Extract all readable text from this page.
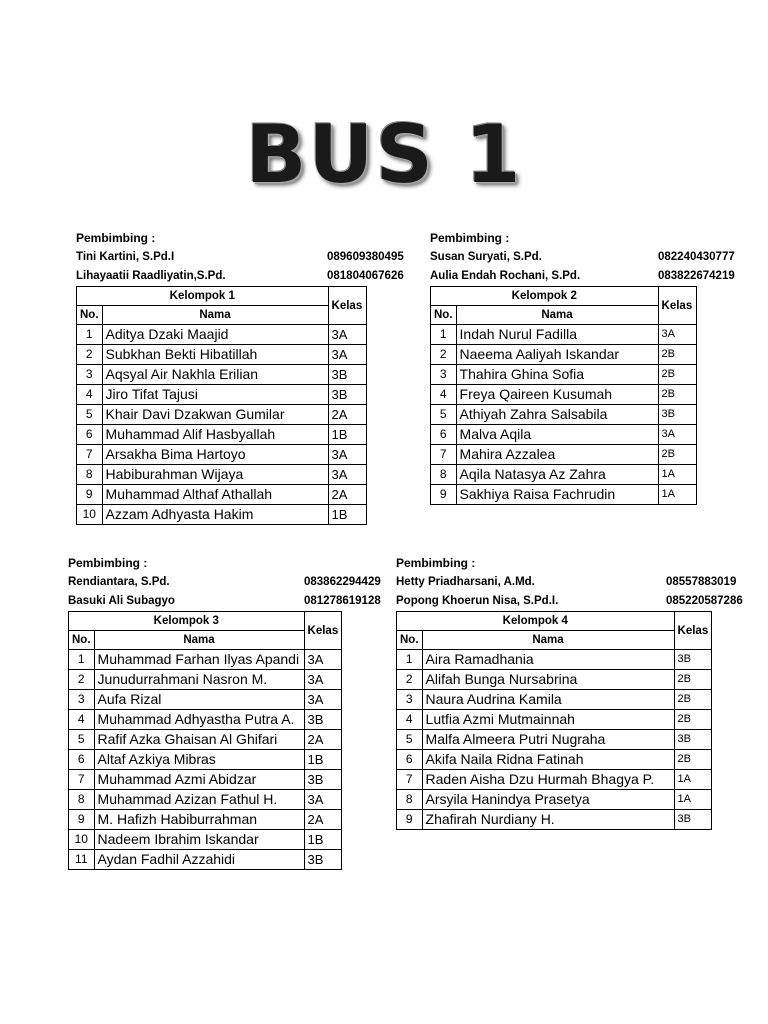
BUS 1
Pembimbing :
Tini Kartini, S.Pd.I	089609380495
Lihayaatii Raadliyatin,S.Pd.	081804067626
Kelompok 1		Kelas
No.	Nama	
1	Aditya Dzaki Maajid	3A
2	Subkhan Bekti Hibatillah	3A
3	Aqsyal Air Nakhla Erilian	3B
4	Jiro Tifat Tajusi	3B
5	Khair Davi Dzakwan Gumilar	2A
6	Muhammad Alif Hasbyallah	1B
7	Arsakha Bima Hartoyo	3A
8	Habiburahman Wijaya	3A
9	Muhammad Althaf Athallah	2A
10	Azzam Adhyasta Hakim	1B
Pembimbing :
Susan Suryati, S.Pd.	082240430777
Aulia Endah Rochani, S.Pd.	083822674219
Kelompok 2		Kelas
No.	Nama	
1	Indah Nurul Fadilla	3A
2	Naeema Aaliyah Iskandar	2B
3	Thahira Ghina Sofia	2B
4	Freya Qaireen Kusumah	2B
5	Athiyah Zahra Salsabila	3B
6	Malva Aqila	3A
7	Mahira Azzalea	2B
8	Aqila Natasya Az Zahra	1A
9	Sakhiya Raisa Fachrudin	1A
Pembimbing :
Rendiantara, S.Pd.	083862294429
Basuki Ali Subagyo	081278619128
Kelompok 3		Kelas
No.	Nama	
1	Muhammad Farhan Ilyas Apandi	3A
2	Junudurrahmani Nasron M.	3A
3	Aufa Rizal	3A
4	Muhammad Adhyastha Putra A.	3B
5	Rafif Azka Ghaisan Al Ghifari	2A
6	Altaf Azkiya Mibras	1B
7	Muhammad Azmi Abidzar	3B
8	Muhammad Azizan Fathul H.	3A
9	M. Hafizh Habiburrahman	2A
10	Nadeem Ibrahim Iskandar	1B
11	Aydan Fadhil Azzahidi	3B
Pembimbing :
Hetty Priadharsani, A.Md.	08557883019
Popong Khoerun Nisa, S.Pd.I.	085220587286
Kelompok 4		Kelas
No.	Nama	
1	Aira Ramadhania	3B
2	Alifah Bunga Nursabrina	2B
3	Naura Audrina Kamila	2B
4	Lutfia Azmi Mutmainnah	2B
5	Malfa Almeera Putri Nugraha	3B
6	Akifa Naila Ridna Fatinah	2B
7	Raden Aisha Dzu Hurmah Bhagya P.	1A
8	Arsyila Hanindya Prasetya	1A
9	Zhafirah Nurdiany H.	3B
